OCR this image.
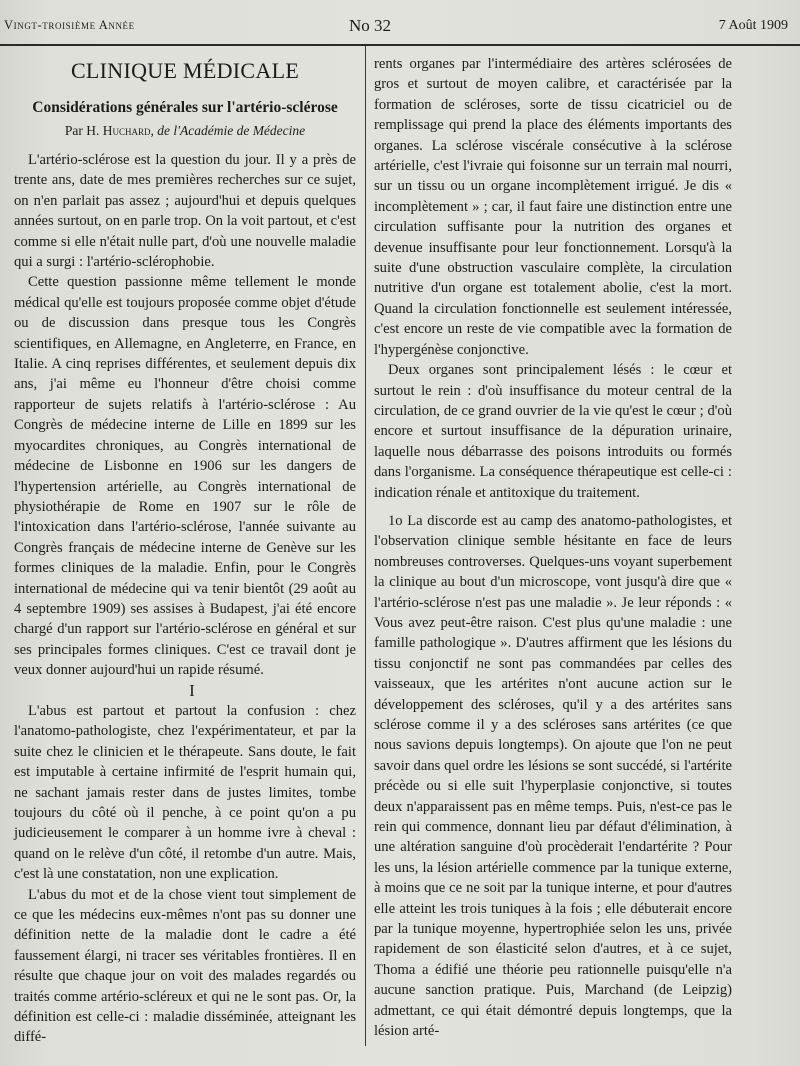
Vingt-troisième Année	No 32	7 Août 1909
CLINIQUE MÉDICALE
Considérations générales sur l'artério-sclérose
Par H. Huchard, de l'Académie de Médecine

L'artério-sclérose est la question du jour. Il y a près de trente ans, date de mes premières recherches sur ce sujet, on n'en parlait pas assez ; aujourd'hui et depuis quelques années surtout, on en parle trop. On la voit partout, et c'est comme si elle n'était nulle part, d'où une nouvelle maladie qui a surgi : l'artério-sclérophobie.

Cette question passionne même tellement le monde médical qu'elle est toujours proposée comme objet d'étude ou de discussion dans presque tous les Congrès scientifiques, en Allemagne, en Angleterre, en France, en Italie. A cinq reprises différentes, et seulement depuis dix ans, j'ai même eu l'honneur d'être choisi comme rapporteur de sujets relatifs à l'artério-sclérose : Au Congrès de médecine interne de Lille en 1899 sur les myocardites chroniques, au Congrès international de médecine de Lisbonne en 1906 sur les dangers de l'hypertension artérielle, au Congrès international de physiothérapie de Rome en 1907 sur le rôle de l'intoxication dans l'artério-sclérose, l'année suivante au Congrès français de médecine interne de Genève sur les formes cliniques de la maladie. Enfin, pour le Congrès international de médecine qui va tenir bientôt (29 août au 4 septembre 1909) ses assises à Budapest, j'ai été encore chargé d'un rapport sur l'artério-sclérose en général et sur ses principales formes cliniques. C'est ce travail dont je veux donner aujourd'hui un rapide résumé.

I

L'abus est partout et partout la confusion : chez l'anatomo-pathologiste, chez l'expérimentateur, et par la suite chez le clinicien et le thérapeute. Sans doute, le fait est imputable à certaine infirmité de l'esprit humain qui, ne sachant jamais rester dans de justes limites, tombe toujours du côté où il penche, à ce point qu'on a pu judicieusement le comparer à un homme ivre à cheval : quand on le relève d'un côté, il retombe d'un autre. Mais, c'est là une constatation, non une explication.

L'abus du mot et de la chose vient tout simplement de ce que les médecins eux-mêmes n'ont pas su donner une définition nette de la maladie dont le cadre a été faussement élargi, ni tracer ses véritables frontières. Il en résulte que chaque jour on voit des malades regardés ou traités comme artério-scléreux et qui ne le sont pas. Or, la définition est celle-ci : maladie disséminée, atteignant les diffé-

rents organes par l'intermédiaire des artères sclérosées de gros et surtout de moyen calibre, et caractérisée par la formation de scléroses, sorte de tissu cicatriciel ou de remplissage qui prend la place des éléments importants des organes. La sclérose viscérale consécutive à la sclérose artérielle, c'est l'ivraie qui foisonne sur un terrain mal nourri, sur un tissu ou un organe incomplètement irrigué. Je dis « incomplètement » ; car, il faut faire une distinction entre une circulation suffisante pour la nutrition des organes et devenue insuffisante pour leur fonctionnement. Lorsqu'à la suite d'une obstruction vasculaire complète, la circulation nutritive d'un organe est totalement abolie, c'est la mort. Quand la circulation fonctionnelle est seulement intéressée, c'est encore un reste de vie compatible avec la formation de l'hypergénèse conjonctive.

Deux organes sont principalement lésés : le cœur et surtout le rein : d'où insuffisance du moteur central de la circulation, de ce grand ouvrier de la vie qu'est le cœur ; d'où encore et surtout insuffisance de la dépuration urinaire, laquelle nous débarrasse des poisons introduits ou formés dans l'organisme. La conséquence thérapeutique est celle-ci : indication rénale et antitoxique du traitement.

1o La discorde est au camp des anatomo-pathologistes, et l'observation clinique semble hésitante en face de leurs nombreuses controverses. Quelques-uns voyant superbement la clinique au bout d'un microscope, vont jusqu'à dire que « l'artério-sclérose n'est pas une maladie ». Je leur réponds : « Vous avez peut-être raison. C'est plus qu'une maladie : une famille pathologique ». D'autres affirment que les lésions du tissu conjonctif ne sont pas commandées par celles des vaisseaux, que les artérites n'ont aucune action sur le développement des scléroses, qu'il y a des artérites sans sclérose comme il y a des scléroses sans artérites (ce que nous savions depuis longtemps). On ajoute que l'on ne peut savoir dans quel ordre les lésions se sont succédé, si l'artérite précède ou si elle suit l'hyperplasie conjonctive, si toutes deux n'apparaissent pas en même temps. Puis, n'est-ce pas le rein qui commence, donnant lieu par défaut d'élimination, à une altération sanguine d'où procèderait l'endartérite ? Pour les uns, la lésion artérielle commence par la tunique externe, à moins que ce ne soit par la tunique interne, et pour d'autres elle atteint les trois tuniques à la fois ; elle débuterait encore par la tunique moyenne, hypertrophiée selon les uns, privée rapidement de son élasticité selon d'autres, et à ce sujet, Thoma a édifié une théorie peu rationnelle puisqu'elle n'a aucune sanction pratique. Puis, Marchand (de Leipzig) admettant, ce qui était démontré depuis longtemps, que la lésion arté-
